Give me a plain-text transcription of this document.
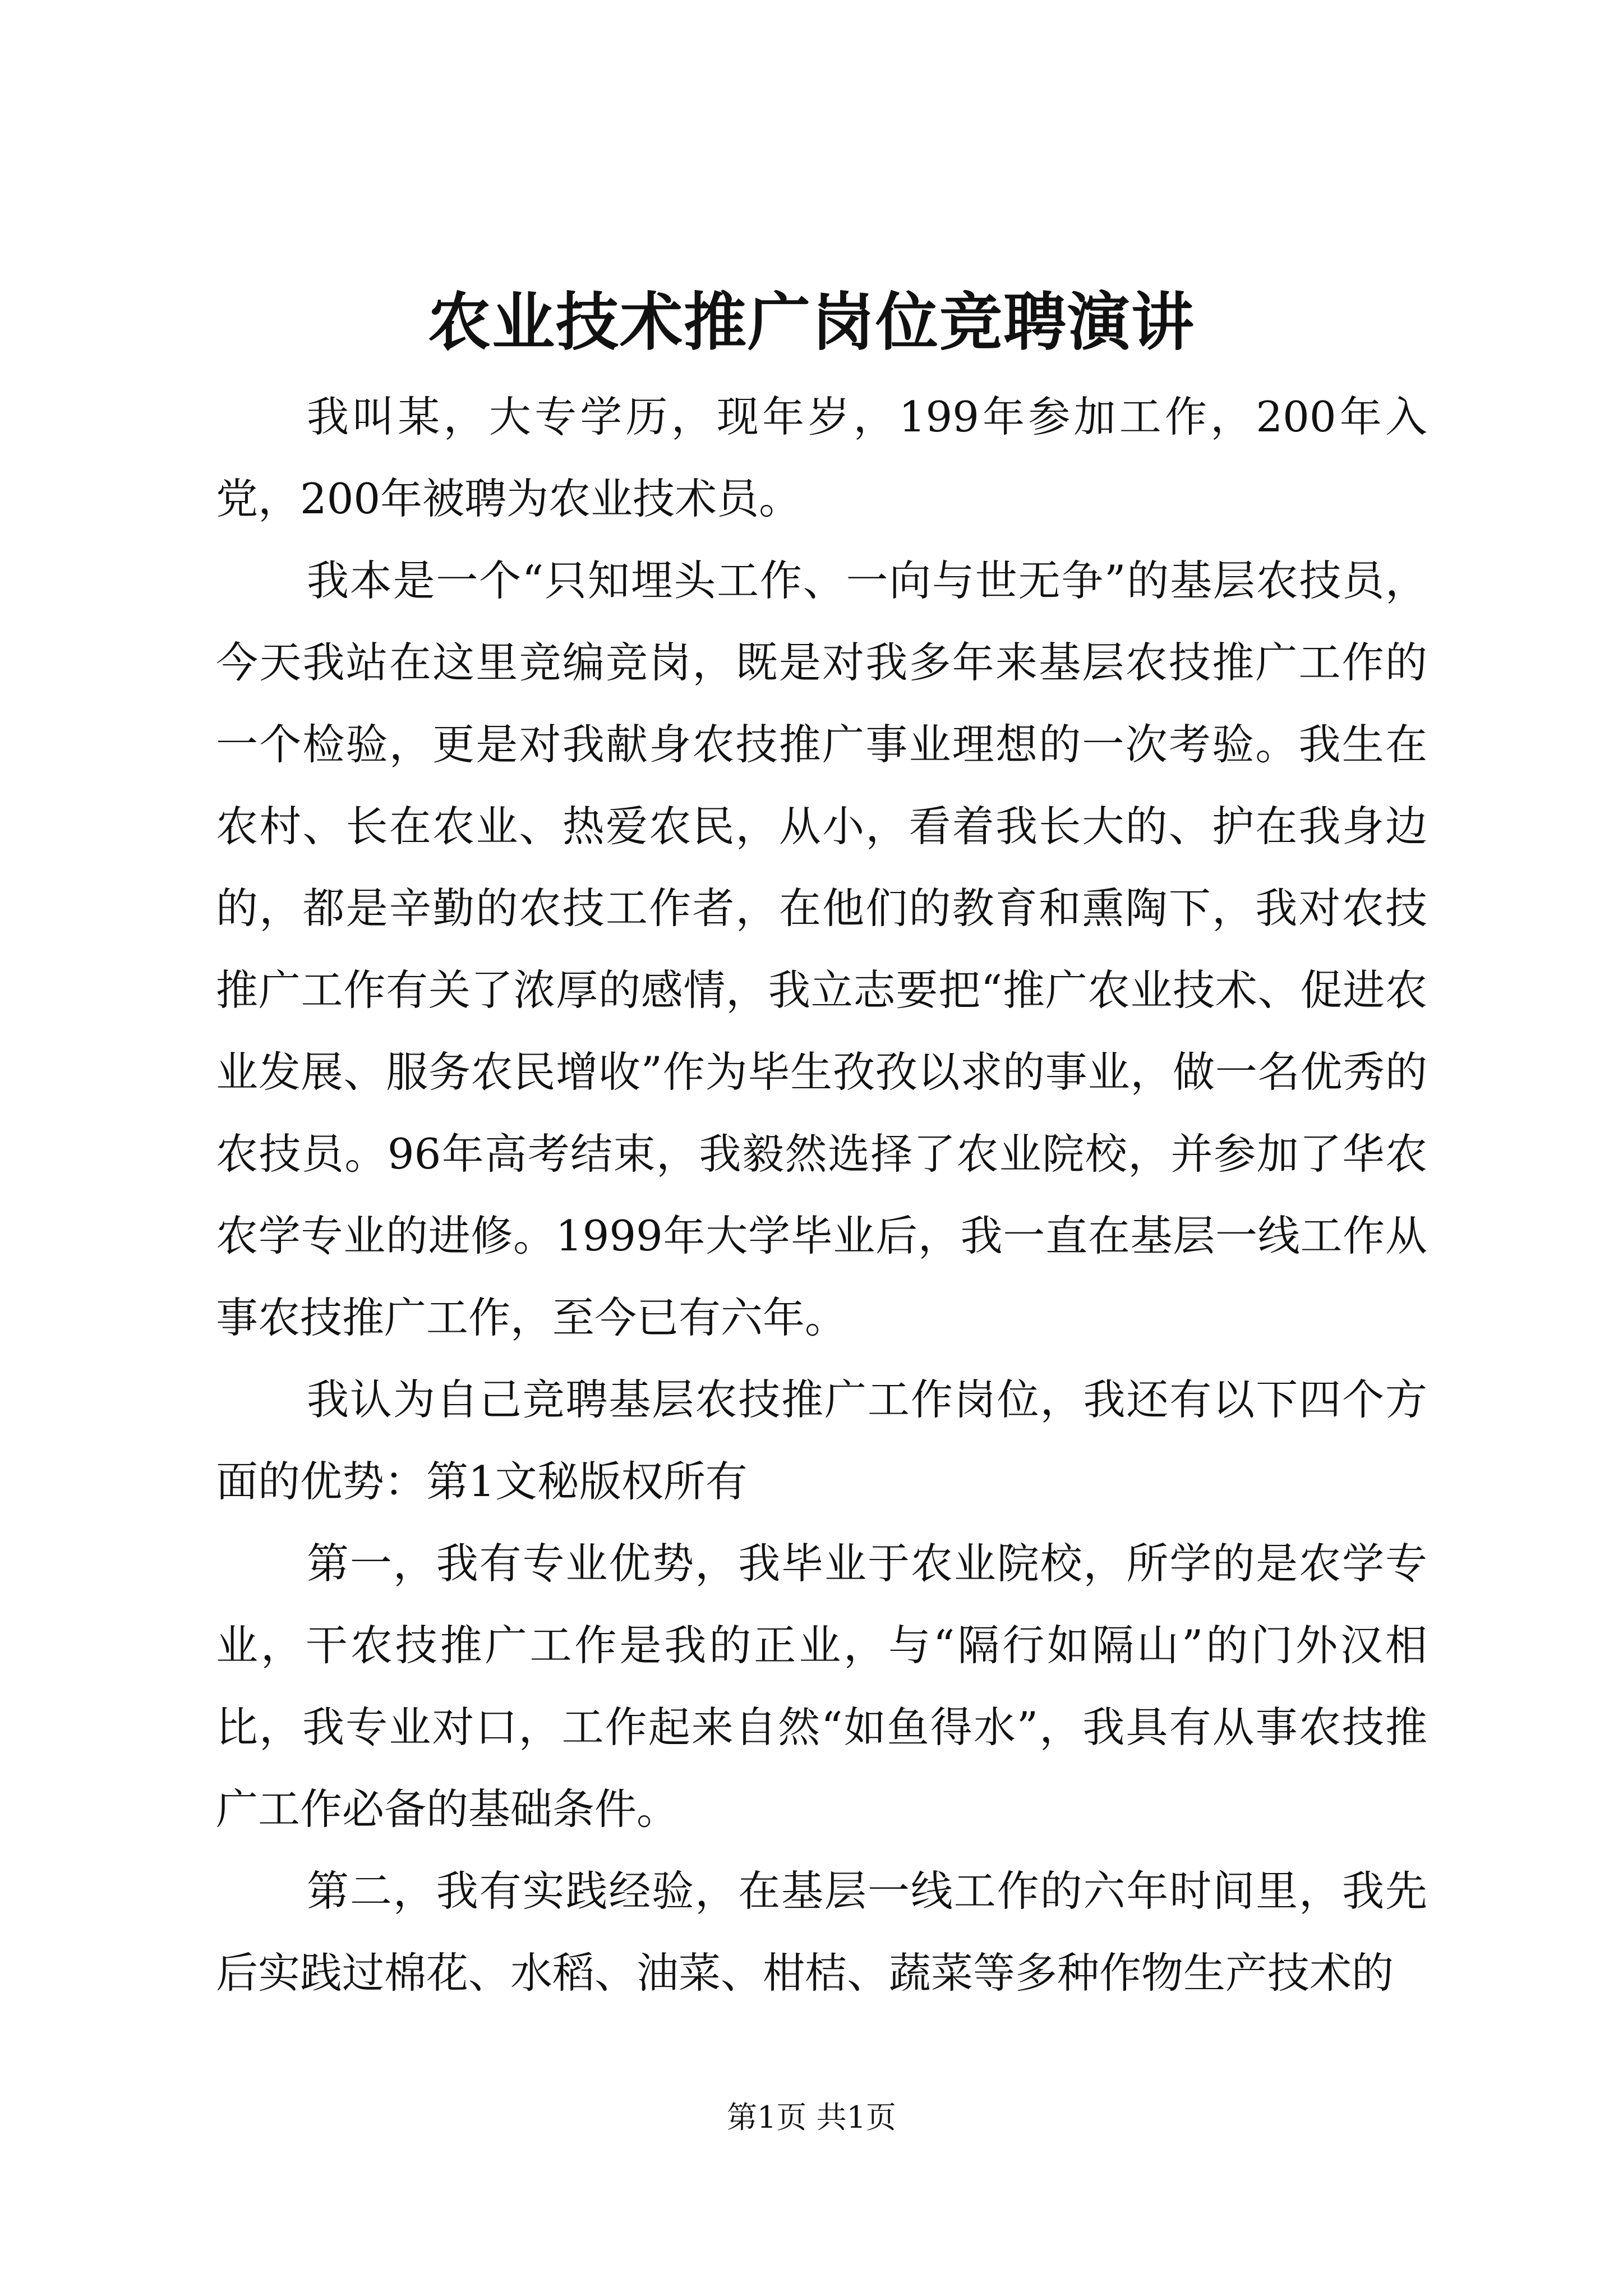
农业技术推广岗位竞聘演讲

我叫某，大专学历，现年岁，199年参加工作，200年入党，200年被聘为农业技术员。

我本是一个“只知埋头工作、一向与世无争”的基层农技员，今天我站在这里竞编竞岗，既是对我多年来基层农技推广工作的一个检验，更是对我献身农技推广事业理想的一次考验。我生在农村、长在农业、热爱农民，从小，看着我长大的、护在我身边的，都是辛勤的农技工作者，在他们的教育和熏陶下，我对农技推广工作有关了浓厚的感情，我立志要把“推广农业技术、促进农业发展、服务农民增收”作为毕生孜孜以求的事业，做一名优秀的农技员。96年高考结束，我毅然选择了农业院校，并参加了华农农学专业的进修。1999年大学毕业后，我一直在基层一线工作从事农技推广工作，至今已有六年。

我认为自己竞聘基层农技推广工作岗位，我还有以下四个方面的优势：第1文秘版权所有

第一，我有专业优势，我毕业于农业院校，所学的是农学专业，干农技推广工作是我的正业，与“隔行如隔山”的门外汉相比，我专业对口，工作起来自然“如鱼得水”，我具有从事农技推广工作必备的基础条件。

第二，我有实践经验，在基层一线工作的六年时间里，我先后实践过棉花、水稻、油菜、柑桔、蔬菜等多种作物生产技术的

第1页 共1页
